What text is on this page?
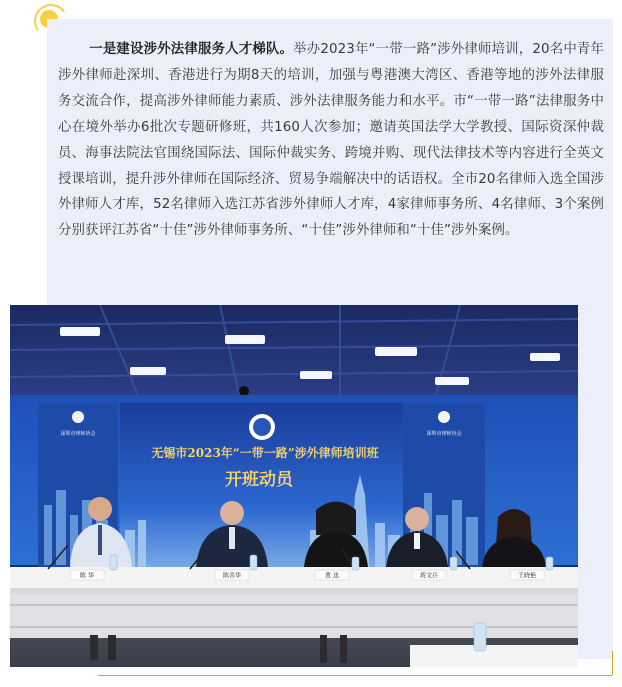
一是建设涉外法律服务人才梯队。举办2023年“一带一路”涉外律师培训，20名中青年涉外律师赴深圳、香港进行为期8天的培训，加强与粤港澳大湾区、香港等地的涉外法律服务交流合作，提高涉外律师能力素质、涉外法律服务能力和水平。市“一带一路”法律服务中心在境外举办6批次专题研修班，共160人次参加；邀请英国法学大学教授、国际资深仲裁员、海事法院法官围绕国际法、国际仲裁实务、跨境并购、现代法律技术等内容进行全英文授课培训，提升涉外律师在国际经济、贸易争端解决中的话语权。全市20名律师入选全国涉外律师人才库，52名律师入选江苏省涉外律师人才库，4家律师事务所、4名律师、3个案例分别获评江苏省“十佳”涉外律师事务所、“十佳”涉外律师和“十佳”涉外案例。

深圳市律师协会	深圳市律师协会
无锡市2023年“一带一路”涉外律师培训班
开班动员
陈 华	陈善华	曹 迅	蒋文兵	王晓艳
